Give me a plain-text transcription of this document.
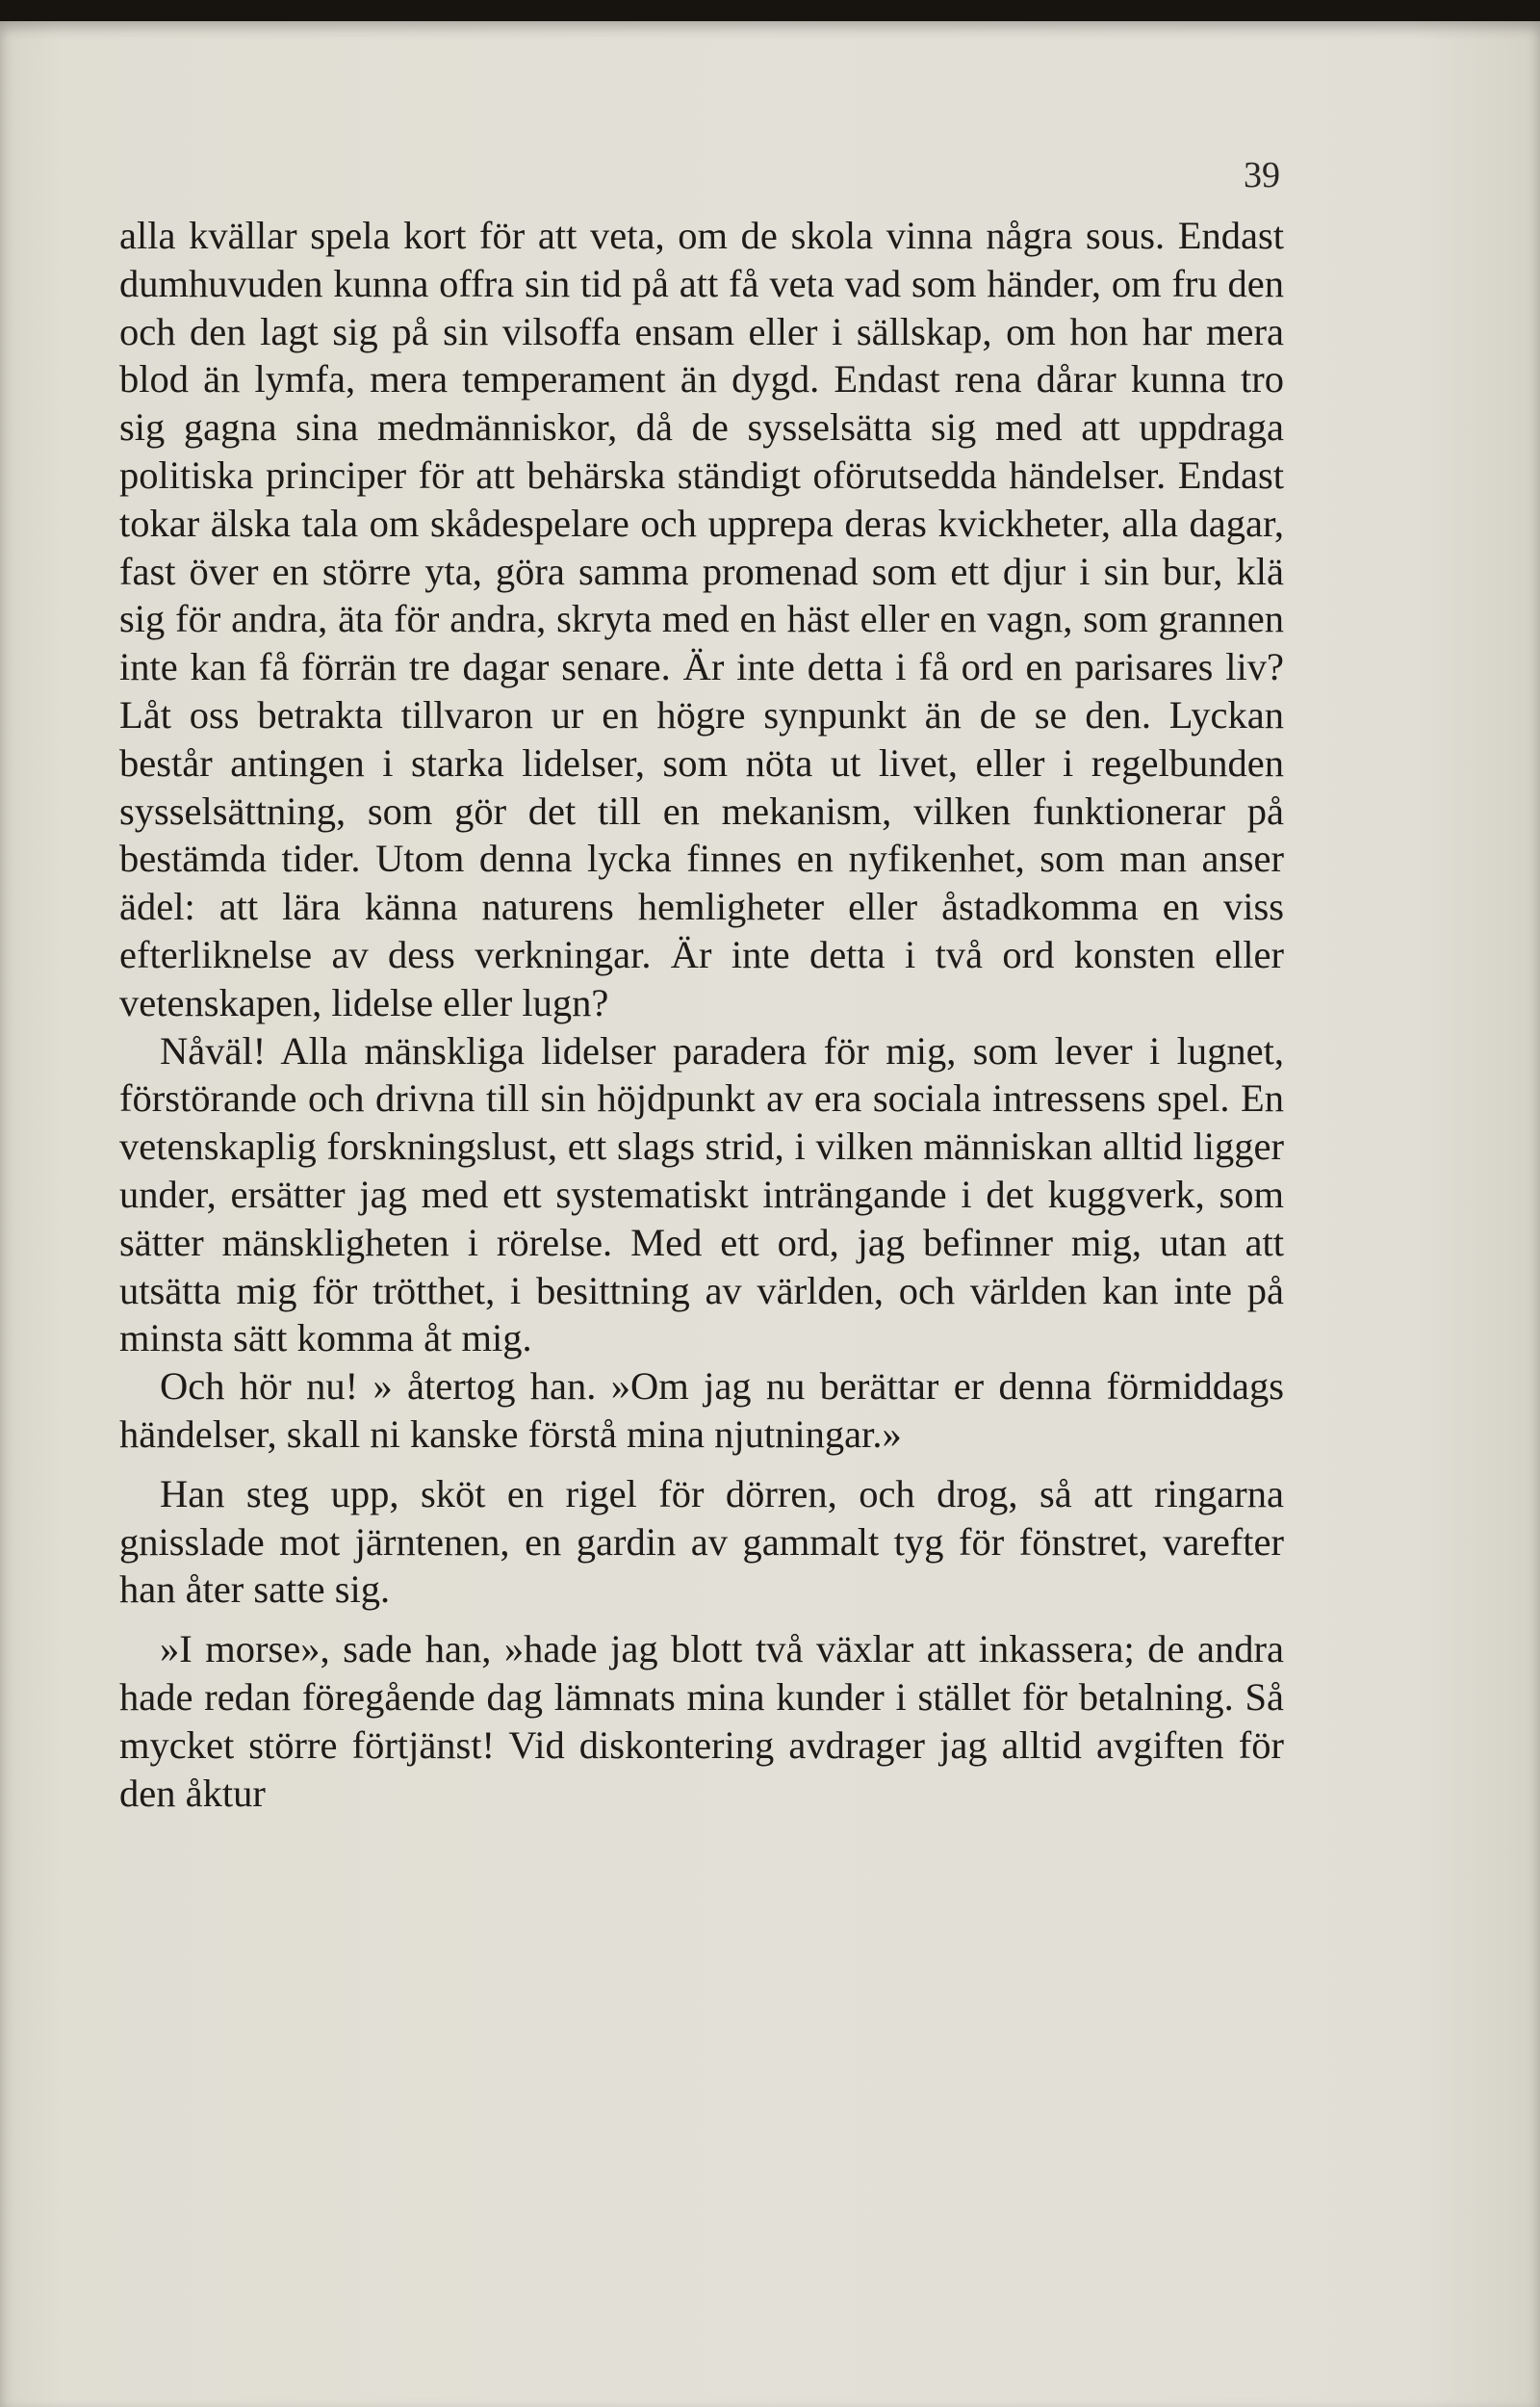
39

alla kvällar spela kort för att veta, om de skola vinna några sous. Endast dumhuvuden kunna offra sin tid på att få veta vad som händer, om fru den och den lagt sig på sin vilsoffa ensam eller i sällskap, om hon har mera blod än lymfa, mera temperament än dygd. Endast rena dårar kunna tro sig gagna sina medmänniskor, då de sysselsätta sig med att uppdraga politiska principer för att behärska ständigt oförutsedda händelser. Endast tokar älska tala om skådespelare och upprepa deras kvickheter, alla dagar, fast över en större yta, göra samma promenad som ett djur i sin bur, klä sig för andra, äta för andra, skryta med en häst eller en vagn, som grannen inte kan få förrän tre dagar senare. Är inte detta i få ord en parisares liv? Låt oss betrakta tillvaron ur en högre synpunkt än de se den. Lyckan består antingen i starka lidelser, som nöta ut livet, eller i regelbunden sysselsättning, som gör det till en mekanism, vilken funktionerar på bestämda tider. Utom denna lycka finnes en nyfikenhet, som man anser ädel: att lära känna naturens hemligheter eller åstadkomma en viss efterliknelse av dess verkningar. Är inte detta i två ord konsten eller vetenskapen, lidelse eller lugn?

Nåväl! Alla mänskliga lidelser paradera för mig, som lever i lugnet, förstörande och drivna till sin höjdpunkt av era sociala intressens spel. En vetenskaplig forskningslust, ett slags strid, i vilken människan alltid ligger under, ersätter jag med ett systematiskt inträngande i det kuggverk, som sätter mänskligheten i rörelse. Med ett ord, jag befinner mig, utan att utsätta mig för trötthet, i besittning av världen, och världen kan inte på minsta sätt komma åt mig.

Och hör nu! » återtog han. »Om jag nu berättar er denna förmiddags händelser, skall ni kanske förstå mina njutningar.»

Han steg upp, sköt en rigel för dörren, och drog, så att ringarna gnisslade mot järntenen, en gardin av gammalt tyg för fönstret, varefter han åter satte sig.

»I morse», sade han, »hade jag blott två växlar att inkassera; de andra hade redan föregående dag lämnats mina kunder i stället för betalning. Så mycket större förtjänst! Vid diskontering avdrager jag alltid avgiften för den åktur
